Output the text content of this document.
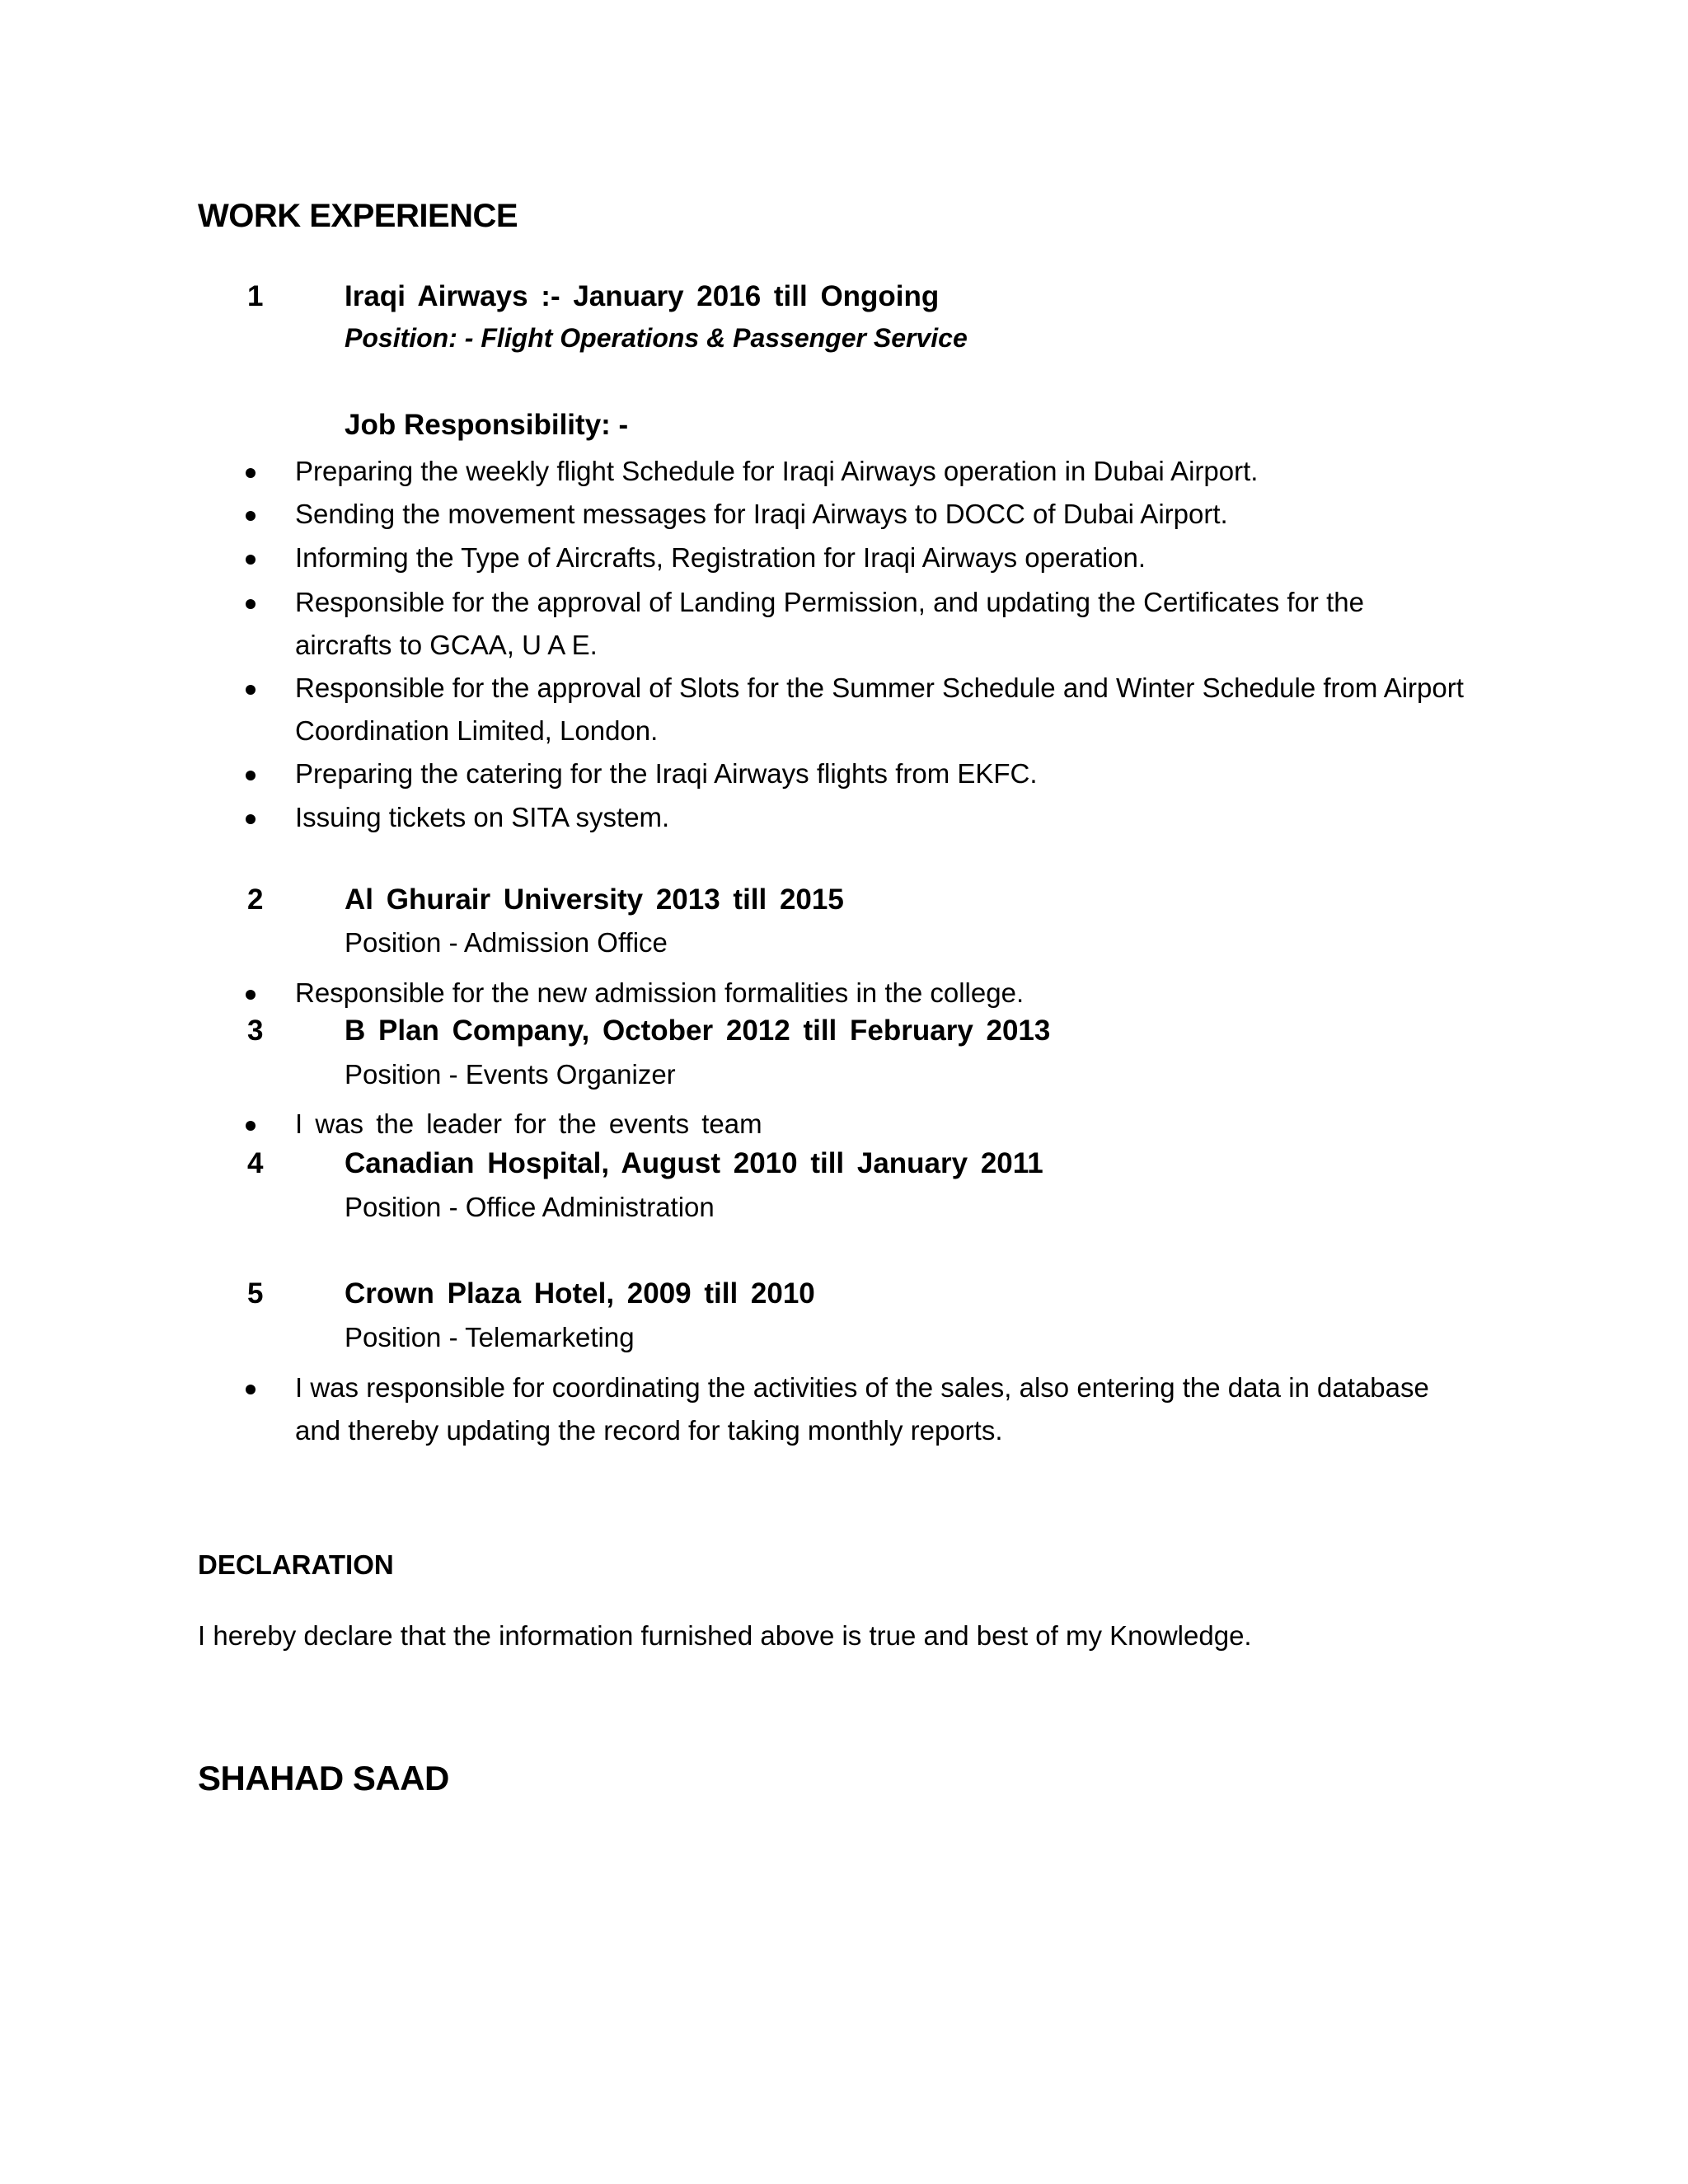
WORK EXPERIENCE
1	Iraqi Airways :- January 2016 till Ongoing
Position: - Flight Operations & Passenger Service
Job Responsibility: -
Preparing the weekly flight Schedule for Iraqi Airways operation in Dubai Airport.
Sending the movement messages for Iraqi Airways to DOCC of Dubai Airport.
Informing the Type of Aircrafts, Registration for Iraqi Airways operation.
Responsible for the approval of Landing Permission, and updating the Certificates for the aircrafts to GCAA, U A E.
Responsible for the approval of Slots for the Summer Schedule and Winter Schedule from Airport Coordination Limited, London.
Preparing the catering for the Iraqi Airways flights from EKFC.
Issuing tickets on SITA system.
2	Al Ghurair University 2013 till 2015
Position - Admission Office
Responsible for the new admission formalities in the college.
3	B Plan Company, October 2012 till February 2013
Position - Events Organizer
I was the leader for the events team
4	Canadian Hospital, August 2010 till January 2011
Position - Office Administration
5	Crown Plaza Hotel, 2009 till 2010
Position - Telemarketing
I was responsible for coordinating the activities of the sales, also entering the data in database and thereby updating the record for taking monthly reports.
DECLARATION
I hereby declare that the information furnished above is true and best of my Knowledge.
SHAHAD SAAD
